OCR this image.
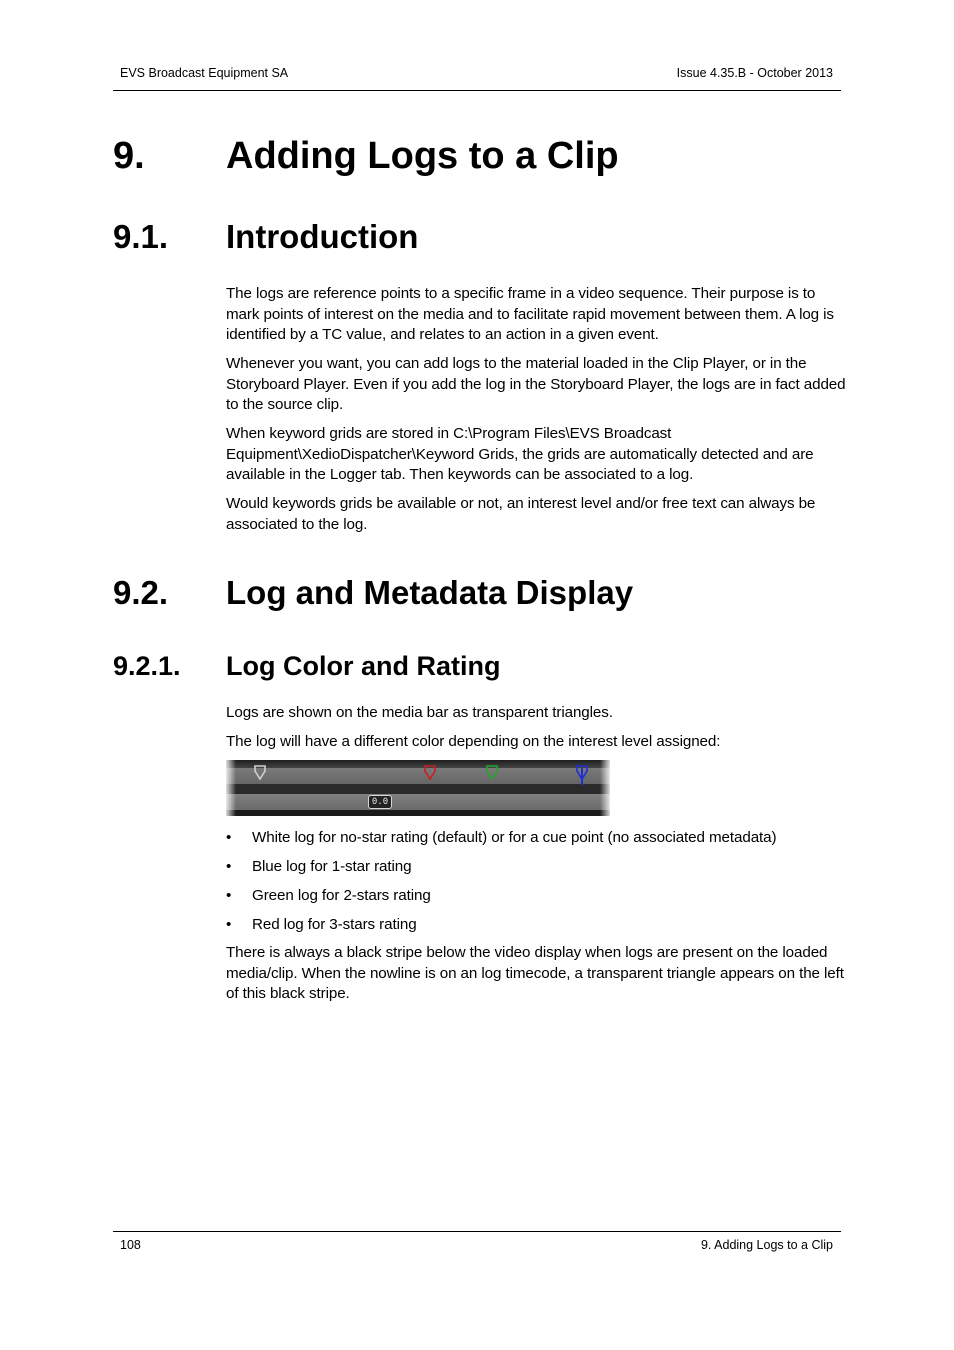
EVS Broadcast Equipment SA	Issue 4.35.B - October 2013
9. Adding Logs to a Clip
9.1. Introduction

The logs are reference points to a specific frame in a video sequence. Their purpose is to mark points of interest on the media and to facilitate rapid movement between them. A log is identified by a TC value, and relates to an action in a given event.

Whenever you want, you can add logs to the material loaded in the Clip Player, or in the Storyboard Player. Even if you add the log in the Storyboard Player, the logs are in fact added to the source clip.

When keyword grids are stored in C:\Program Files\EVS Broadcast Equipment\XedioDispatcher\Keyword Grids, the grids are automatically detected and are available in the Logger tab. Then keywords can be associated to a log.

Would keywords grids be available or not, an interest level and/or free text can always be associated to the log.

9.2. Log and Metadata Display
9.2.1. Log Color and Rating

Logs are shown on the media bar as transparent triangles.

The log will have a different color depending on the interest level assigned:

0.0
• White log for no-star rating (default) or for a cue point (no associated metadata)
• Blue log for 1-star rating
• Green log for 2-stars rating
• Red log for 3-stars rating

There is always a black stripe below the video display when logs are present on the loaded media/clip. When the nowline is on an log timecode, a transparent triangle appears on the left of this black stripe.

108	9. Adding Logs to a Clip
